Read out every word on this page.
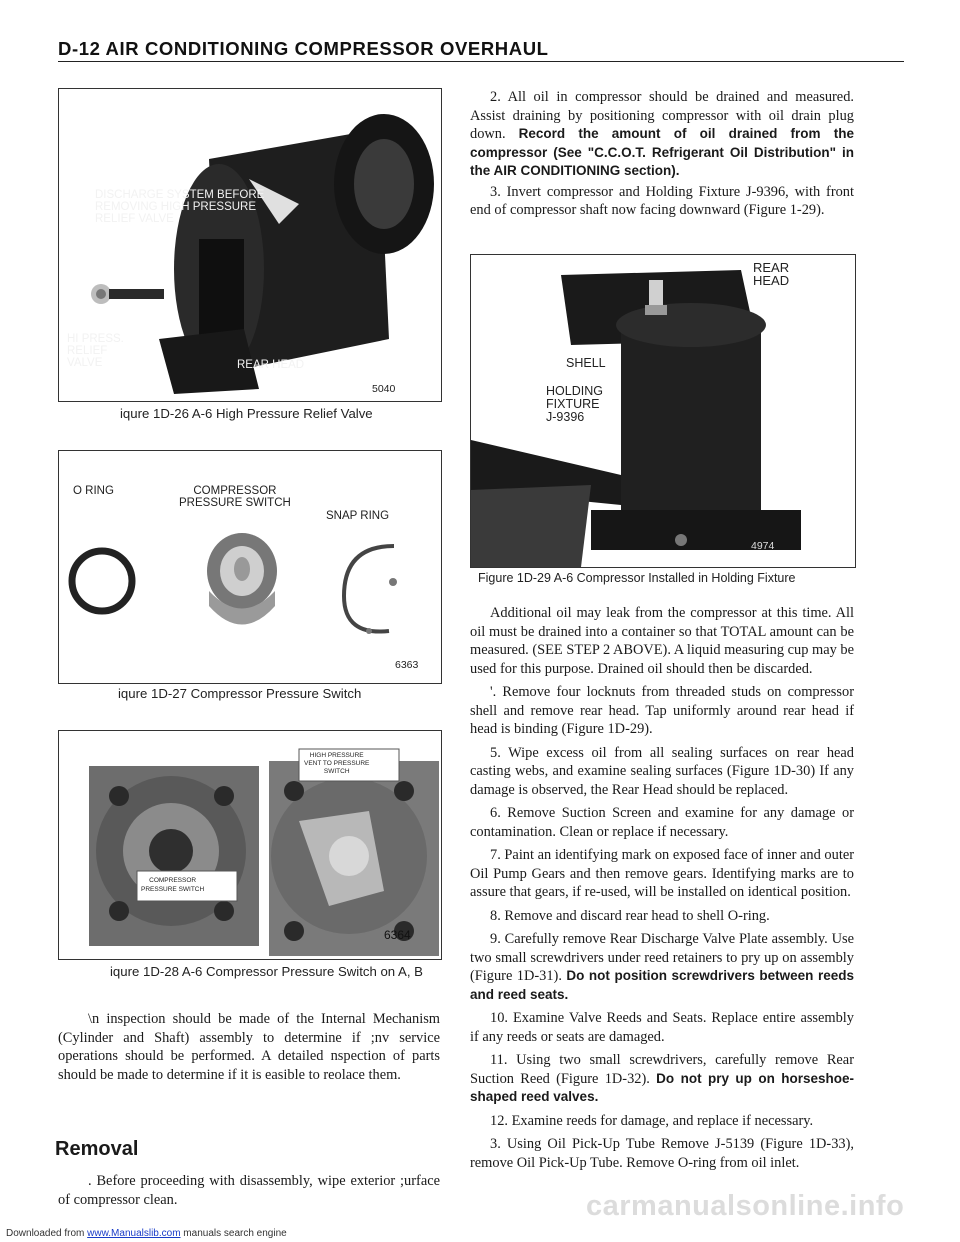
D-12 AIR CONDITIONING COMPRESSOR OVERHAUL
DISCHARGE SYSTEM BEFORE
REMOVING HIGH PRESSURE
RELIEF VALVE
HI PRESS.
RELIEF
VALVE	REAR HEAD
5040
iqure 1D-26 A-6 High Pressure Relief Valve
O RING	COMPRESSOR
PRESSURE SWITCH
SNAP RING
6363
iqure 1D-27 Compressor Pressure Switch
HIGH PRESSURE
VENT TO PRESSURE
SWITCH
COMPRESSOR
PRESSURE SWITCH
6364
iqure 1D-28 A-6 Compressor Pressure Switch on A, B

\n inspection should be made of the Internal Mechanism (Cylinder and Shaft) assembly to determine if ;nv service operations should be performed. A detailed nspection of parts should be made to determine if it is easible to reolace them.

Removal

. Before proceeding with disassembly, wipe exterior ;urface of compressor clean.

2. All oil in compressor should be drained and measured. Assist draining by positioning compressor with oil drain plug down. Record the amount of oil drained from the compressor (See "C.C.O.T. Refrigerant Oil Distribution" in the AIR CONDITIONING section).

3. Invert compressor and Holding Fixture J-9396, with front end of compressor shaft now facing downward (Figure 1-29).

REAR
HEAD
SHELL
HOLDING
FIXTURE
J-9396
4974
Figure 1D-29 A-6 Compressor Installed in Holding Fixture

Additional oil may leak from the compressor at this time. All oil must be drained into a container so that TOTAL amount can be measured. (SEE STEP 2 ABOVE). A liquid measuring cup may be used for this purpose. Drained oil should then be discarded.

'. Remove four locknuts from threaded studs on compressor shell and remove rear head. Tap uniformly around rear head if head is binding (Figure 1D-29).

5. Wipe excess oil from all sealing surfaces on rear head casting webs, and examine sealing surfaces (Figure 1D-30) If any damage is observed, the Rear Head should be replaced.

6. Remove Suction Screen and examine for any damage or contamination. Clean or replace if necessary.

7. Paint an identifying mark on exposed face of inner and outer Oil Pump Gears and then remove gears. Identifying marks are to assure that gears, if re-used, will be installed on identical position.

8. Remove and discard rear head to shell O-ring.

9. Carefully remove Rear Discharge Valve Plate assembly. Use two small screwdrivers under reed retainers to pry up on assembly (Figure 1D-31). Do not position screwdrivers between reeds and reed seats.

10. Examine Valve Reeds and Seats. Replace entire assembly if any reeds or seats are damaged.

11. Using two small screwdrivers, carefully remove Rear Suction Reed (Figure 1D-32). Do not pry up on horseshoe-shaped reed valves.

12. Examine reeds for damage, and replace if necessary.

3. Using Oil Pick-Up Tube Remove J-5139 (Figure 1D-33), remove Oil Pick-Up Tube. Remove O-ring from oil inlet.

Downloaded from www.Manualslib.com manuals search engine
carmanualsonline.info
